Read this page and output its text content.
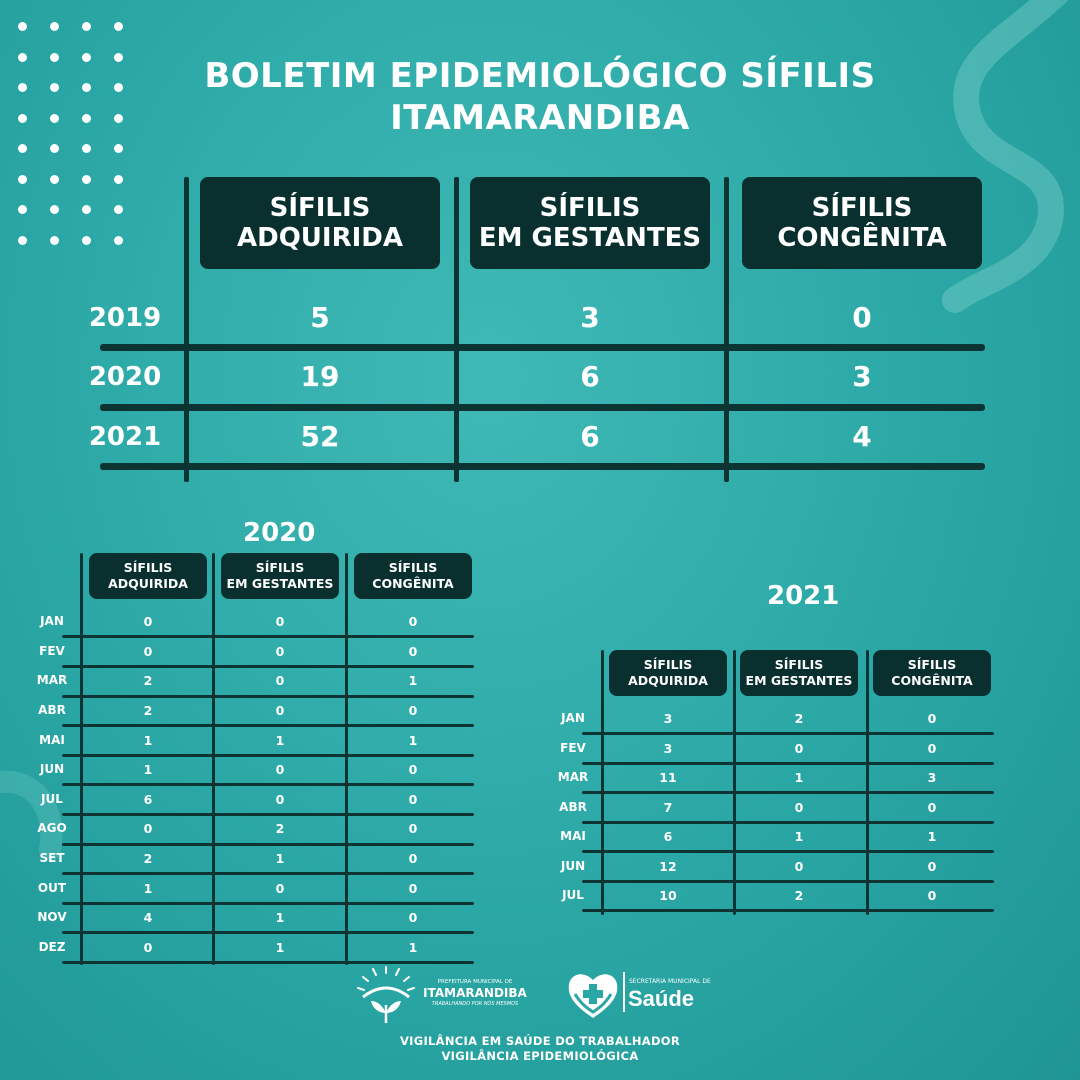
BOLETIM EPIDEMIOLÓGICO SÍFILIS
ITAMARANDIBA
SÍFILIS
ADQUIRIDA
SÍFILIS
EM GESTANTES
SÍFILIS
CONGÊNITA
2019	5	3	0
2020	19	6	3
2021	52	6	4
2020
SÍFILIS
ADQUIRIDA
SÍFILIS
EM GESTANTES
SÍFILIS
CONGÊNITA
JAN	0	0	0
FEV	0	0	0
MAR	2	0	1
ABR	2	0	0
MAI	1	1	1
JUN	1	0	0
JUL	6	0	0
AGO	0	2	0
SET	2	1	0
OUT	1	0	0
NOV	4	1	0
DEZ	0	1	1
2021
SÍFILIS
ADQUIRIDA
SÍFILIS
EM GESTANTES
SÍFILIS
CONGÊNITA
JAN	3	2	0
FEV	3	0	0
MAR	11	1	3
ABR	7	0	0
MAI	6	1	1
JUN	12	0	0
JUL	10	2	0
PREFEITURA MUNICIPAL DE
ITAMARANDIBA
TRABALHANDO POR NÓS MESMOS
SECRETARIA MUNICIPAL DE
Saúde
VIGILÂNCIA EM SAÚDE DO TRABALHADOR
VIGILÂNCIA EPIDEMIOLÓGICA
